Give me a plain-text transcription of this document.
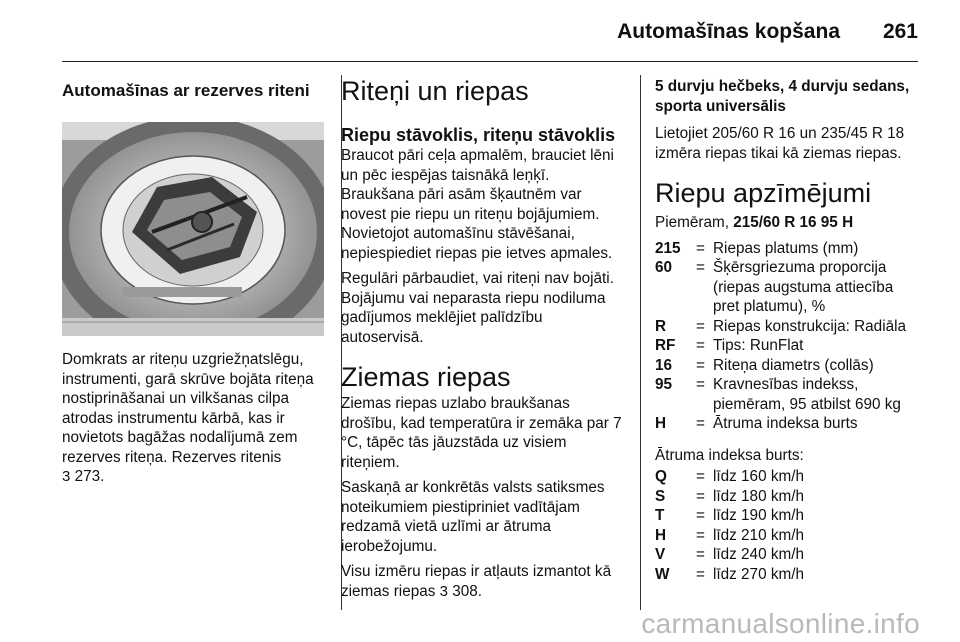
Automašīnas kopšana 261
Automašīnas ar rezerves riteni

Domkrats ar riteņu uzgriežņatslēgu, instrumenti, garā skrūve bojāta riteņa nostiprināšanai un vilkšanas cilpa atrodas instrumentu kārbā, kas ir novietots bagāžas nodalījumā zem rezerves riteņa. Rezerves ritenis
3 273.

Riteņi un riepas
Riepu stāvoklis, riteņu stāvoklis

Braucot pāri ceļa apmalēm, brauciet lēni un pēc iespējas taisnākā leņķī. Braukšana pāri asām šķautnēm var novest pie riepu un riteņu bojājumiem. Novietojot automašīnu stāvēšanai, nepiespiediet riepas pie ietves apmales.

Regulāri pārbaudiet, vai riteņi nav bojāti. Bojājumu vai neparasta riepu nodiluma gadījumos meklējiet palīdzību autoservisā.

Ziemas riepas

Ziemas riepas uzlabo braukšanas drošību, kad temperatūra ir zemāka par 7 °C, tāpēc tās jāuzstāda uz visiem riteņiem.

Saskaņā ar konkrētās valsts satiksmes noteikumiem piestipriniet vadītājam redzamā vietā uzlīmi ar ātruma ierobežojumu.

Visu izmēru riepas ir atļauts izmantot kā ziemas riepas 3 308.

5 durvju hečbeks, 4 durvju sedans, sporta universālis

Lietojiet 205/60 R 16 un 235/45 R 18 izmēra riepas tikai kā ziemas riepas.

Riepu apzīmējumi

Piemēram, 215/60 R 16 95 H

215	= Riepas platums (mm)
60	= Šķērsgriezuma proporcija (riepas augstuma attiecība pret platumu), %
R	= Riepas konstrukcija: Radiāla
RF	= Tips: RunFlat
16	= Riteņa diametrs (collās)
95	= Kravnesības indekss, piemēram, 95 atbilst 690 kg
H	= Ātruma indeksa burts

Ātruma indeksa burts:

Q	= līdz 160 km/h
S	= līdz 180 km/h
T	= līdz 190 km/h
H	= līdz 210 km/h
V	= līdz 240 km/h
W	= līdz 270 km/h
carmanualsonline.info
